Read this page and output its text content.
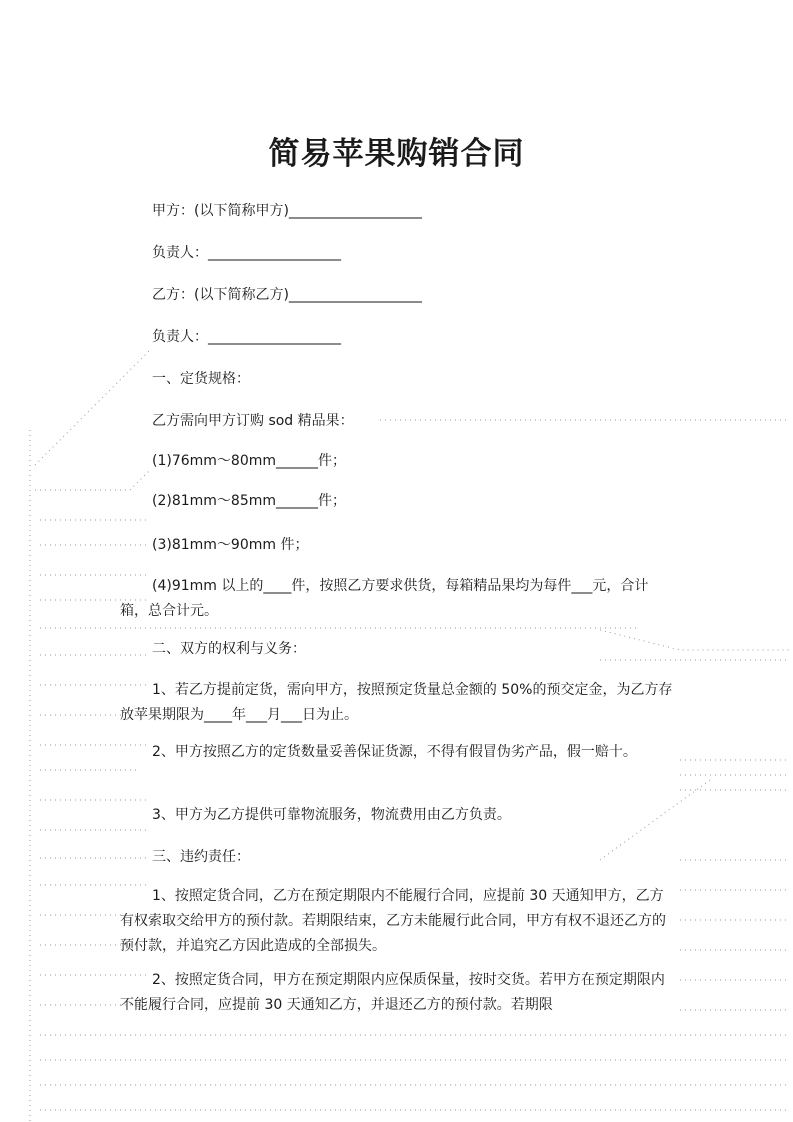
简易苹果购销合同
甲方：(以下简称甲方)___________________
负责人：___________________
乙方：(以下简称乙方)___________________
负责人：___________________
一、定货规格：
乙方需向甲方订购 sod 精品果：
(1)76mm～80mm______件；
(2)81mm～85mm______件；
(3)81mm～90mm 件；
(4)91mm 以上的____件，按照乙方要求供货，每箱精品果均为每件___元，合计箱，总合计元。
二、双方的权利与义务：
1、若乙方提前定货，需向甲方，按照预定货量总金额的 50%的预交定金，为乙方存放苹果期限为____年___月___日为止。
2、甲方按照乙方的定货数量妥善保证货源，不得有假冒伪劣产品，假一赔十。
3、甲方为乙方提供可靠物流服务，物流费用由乙方负责。
三、违约责任：
1、按照定货合同，乙方在预定期限内不能履行合同，应提前 30 天通知甲方，乙方有权索取交给甲方的预付款。若期限结束，乙方未能履行此合同，甲方有权不退还乙方的预付款，并追究乙方因此造成的全部损失。
2、按照定货合同，甲方在预定期限内应保质保量，按时交货。若甲方在预定期限内不能履行合同，应提前 30 天通知乙方，并退还乙方的预付款。若期限
